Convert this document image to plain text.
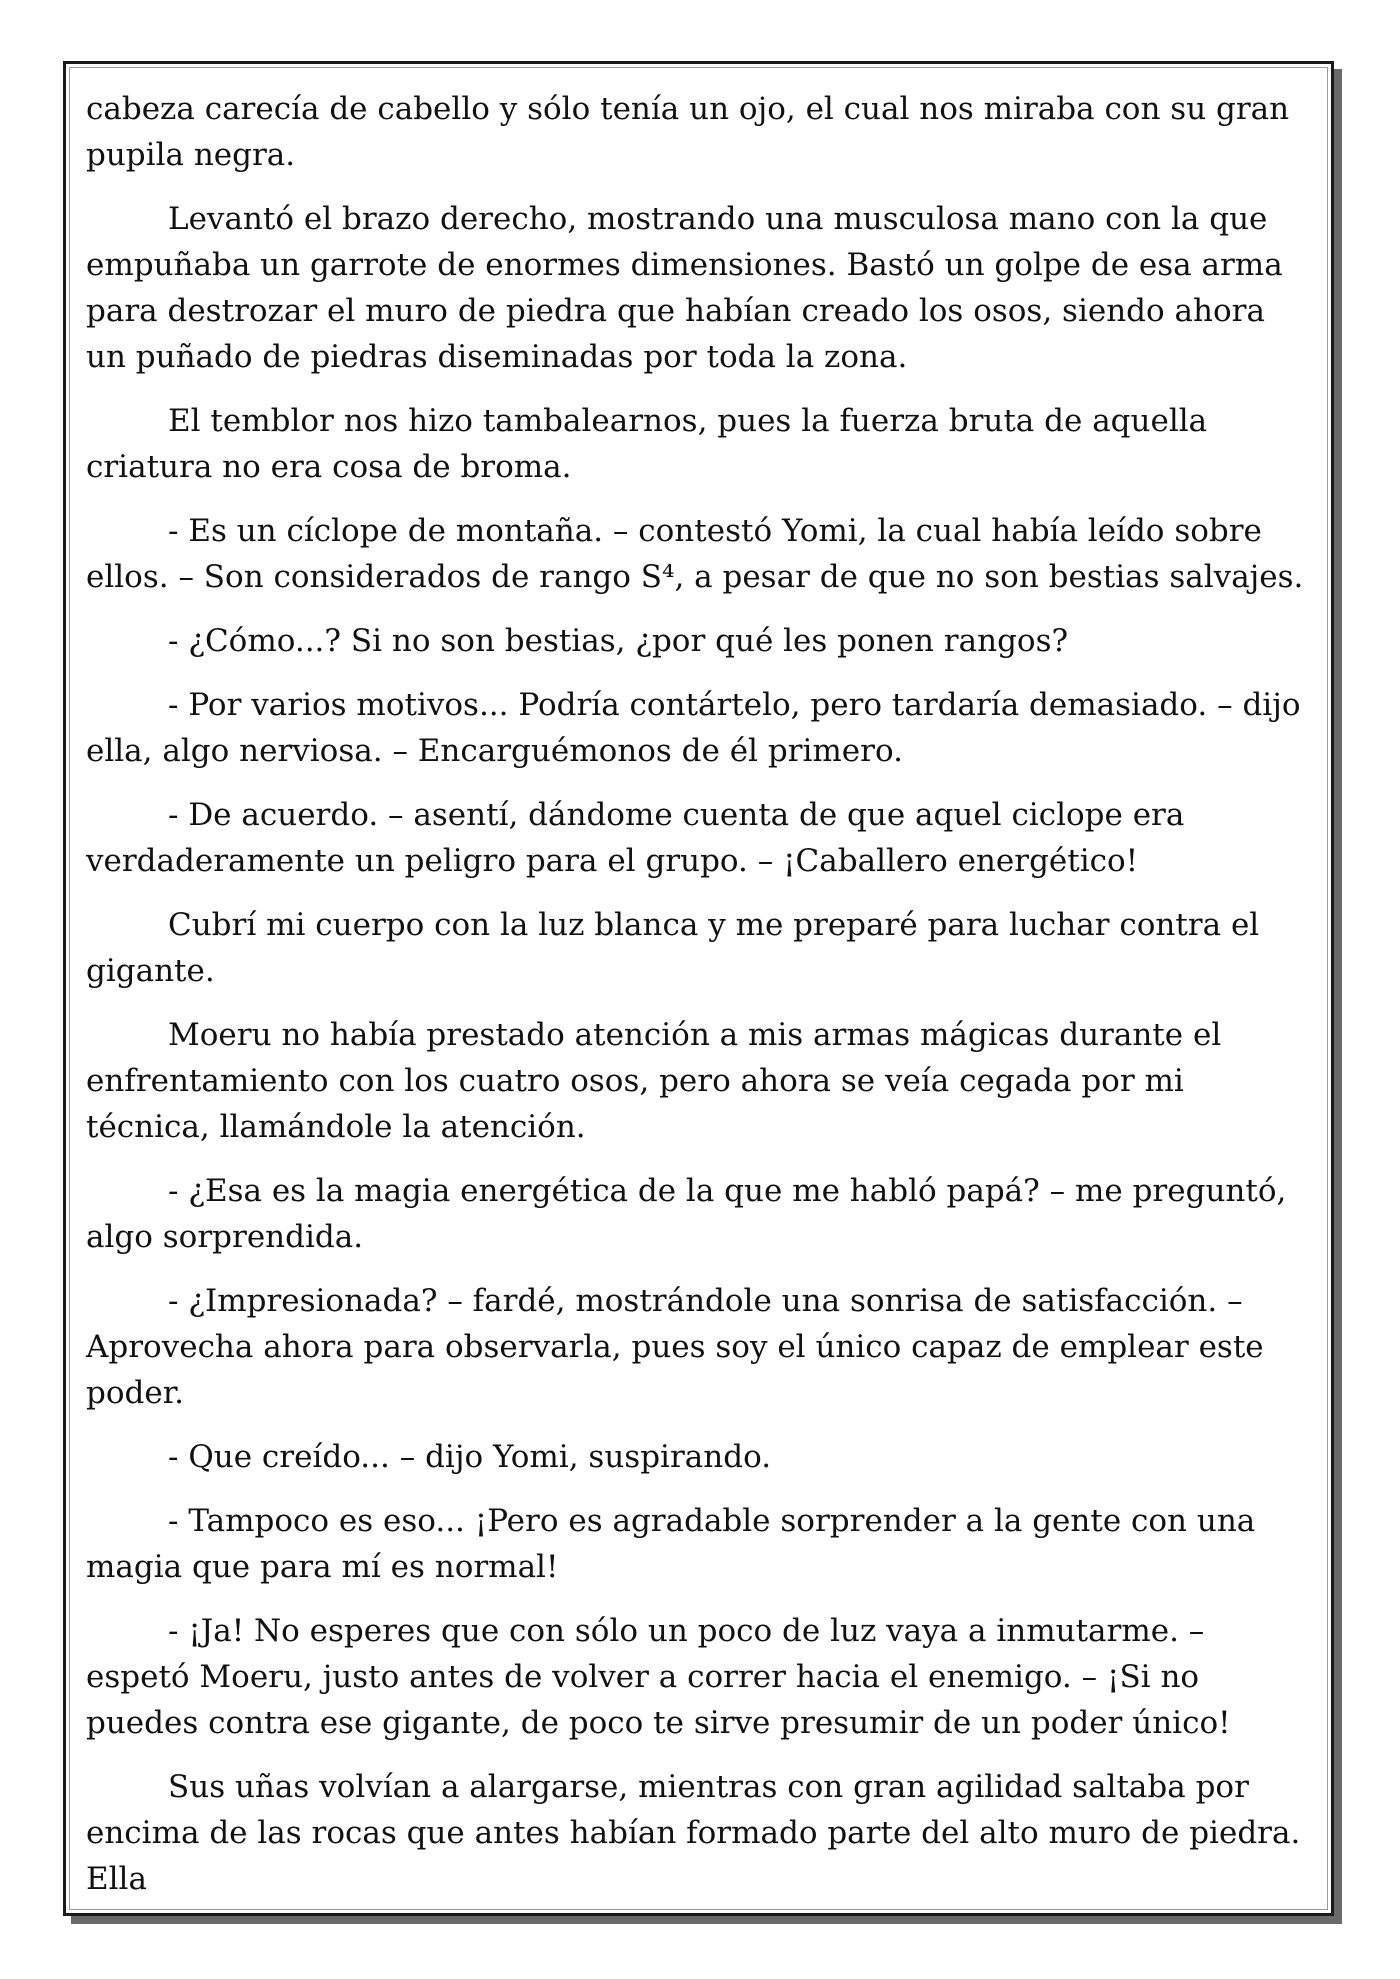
cabeza carecía de cabello y sólo tenía un ojo, el cual nos miraba con su gran pupila negra.

Levantó el brazo derecho, mostrando una musculosa mano con la que empuñaba un garrote de enormes dimensiones. Bastó un golpe de esa arma para destrozar el muro de piedra que habían creado los osos, siendo ahora un puñado de piedras diseminadas por toda la zona.

El temblor nos hizo tambalearnos, pues la fuerza bruta de aquella criatura no era cosa de broma.

- Es un cíclope de montaña. – contestó Yomi, la cual había leído sobre ellos. – Son considerados de rango S⁴, a pesar de que no son bestias salvajes.

- ¿Cómo...? Si no son bestias, ¿por qué les ponen rangos?

- Por varios motivos... Podría contártelo, pero tardaría demasiado. – dijo ella, algo nerviosa. – Encarguémonos de él primero.

- De acuerdo. – asentí, dándome cuenta de que aquel ciclope era verdaderamente un peligro para el grupo. – ¡Caballero energético!

Cubrí mi cuerpo con la luz blanca y me preparé para luchar contra el gigante.

Moeru no había prestado atención a mis armas mágicas durante el enfrentamiento con los cuatro osos, pero ahora se veía cegada por mi técnica, llamándole la atención.

- ¿Esa es la magia energética de la que me habló papá? – me preguntó, algo sorprendida.

- ¿Impresionada? – fardé, mostrándole una sonrisa de satisfacción. – Aprovecha ahora para observarla, pues soy el único capaz de emplear este poder.

- Que creído... – dijo Yomi, suspirando.

- Tampoco es eso... ¡Pero es agradable sorprender a la gente con una magia que para mí es normal!

- ¡Ja! No esperes que con sólo un poco de luz vaya a inmutarme. – espetó Moeru, justo antes de volver a correr hacia el enemigo. – ¡Si no puedes contra ese gigante, de poco te sirve presumir de un poder único!

Sus uñas volvían a alargarse, mientras con gran agilidad saltaba por encima de las rocas que antes habían formado parte del alto muro de piedra. Ella
